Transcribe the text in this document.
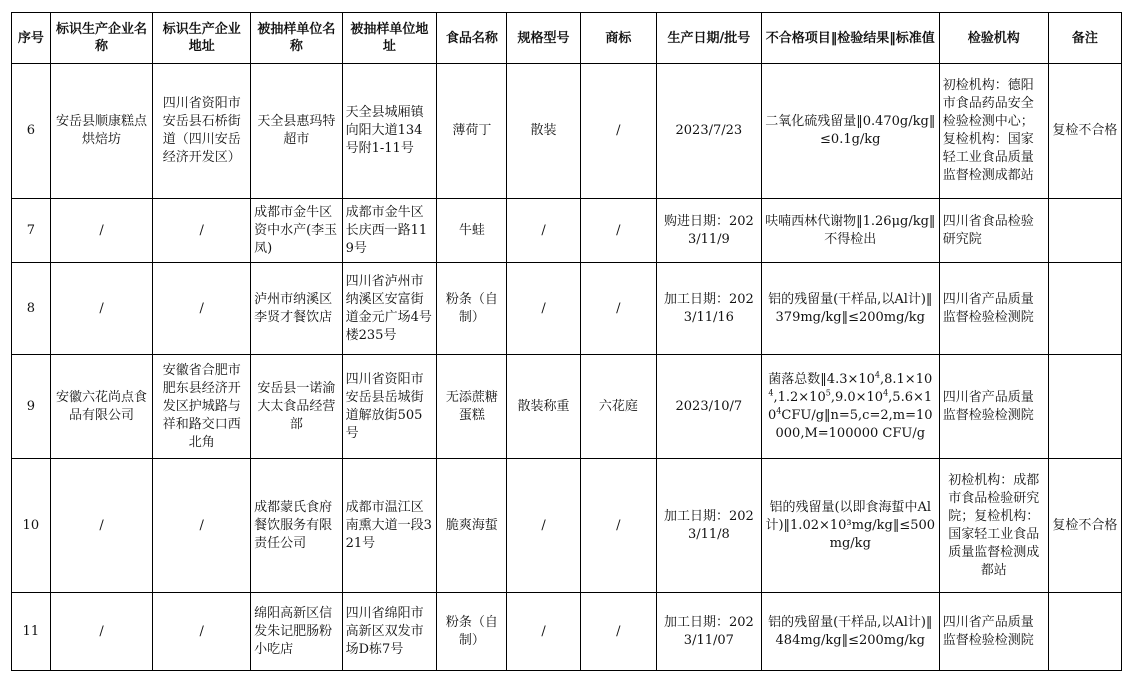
序号	标识生产企业名称	标识生产企业地址	被抽样单位名称	被抽样单位地址	食品名称	规格型号	商标	生产日期/批号	不合格项目‖检验结果‖标准值	检验机构	备注
6	安岳县顺康糕点烘焙坊	四川省资阳市安岳县石桥街道（四川安岳经济开发区）	天全县惠玛特超市	天全县城厢镇向阳大道134号附1-11号	薄荷丁	散装	/	2023/7/23	二氧化硫残留量‖0.470g/kg‖≤0.1g/kg	初检机构：德阳市食品药品安全检验检测中心；复检机构：国家轻工业食品质量监督检测成都站	复检不合格
7	/	/	成都市金牛区资中水产(李玉凤)	成都市金牛区长庆西一路119号	牛蛙	/	/	购进日期：2023/11/9	呋喃西林代谢物‖1.26μg/kg‖不得检出	四川省食品检验研究院	
8	/	/	泸州市纳溪区李贤才餐饮店	四川省泸州市纳溪区安富街道金元广场4号楼235号	粉条（自制）	/	/	加工日期：2023/11/16	铝的残留量(干样品,以Al计)‖379mg/kg‖≤200mg/kg	四川省产品质量监督检验检测院	
9	安徽六花尚点食品有限公司	安徽省合肥市肥东县经济开发区护城路与祥和路交口西北角	安岳县一诺渝大太食品经营部	四川省资阳市安岳县岳城街道解放街505号	无添蔗糖蛋糕	散装称重	六花庭	2023/10/7	菌落总数$‖4.3\times 10^4,8.1\times 10^4,1.2\times 10^5,9.0\times 10^4,5.6\times 10^4CFU/g‖n=5,c=2,m=10000,M=100000$ CFU/g	四川省产品质量监督检验检测院	
10	/	/	成都蒙氏食府餐饮服务有限责任公司	成都市温江区南熏大道一段321号	脆爽海蜇	/	/	加工日期：2023/11/8	铝的残留量(以即食海蜇中Al计)‖1.02×10³mg/kg‖≤500mg/kg	初检机构：成都市食品检验研究院；复检机构：国家轻工业食品质量监督检测成都站	复检不合格
11	/	/	绵阳高新区信发朱记肥肠粉小吃店	四川省绵阳市高新区双发市场D栋7号	粉条（自制）	/	/	加工日期：2023/11/07	铝的残留量(干样品,以Al计)‖484mg/kg‖≤200mg/kg	四川省产品质量监督检验检测院	
